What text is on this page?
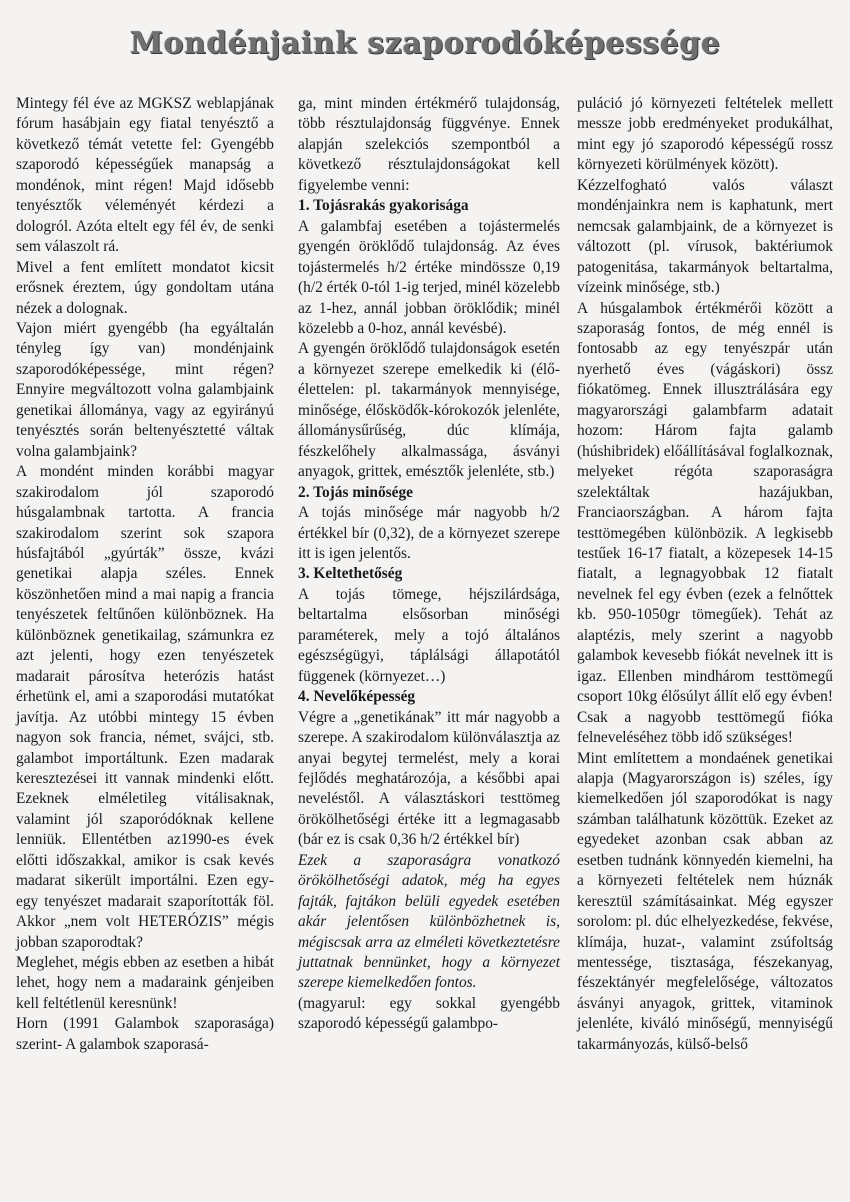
Mondénjaink szaporodóképessége

Mintegy fél éve az MGKSZ weblapjának fórum hasábjain egy fiatal tenyésztő a következő témát vetette fel: Gyengébb szaporodó képességűek manapság a mondénok, mint régen! Majd idősebb tenyésztők véleményét kérdezi a dologról. Azóta eltelt egy fél év, de senki sem válaszolt rá.

Mivel a fent említett mondatot kicsit erősnek éreztem, úgy gondoltam utána nézek a dolognak.

Vajon miért gyengébb (ha egyáltalán tényleg így van) mondénjaink szaporodóképessége, mint régen? Ennyire megváltozott volna galambjaink genetikai állománya, vagy az egyirányú tenyésztés során beltenyésztetté váltak volna galambjaink?

A mondént minden korábbi magyar szakirodalom jól szaporodó húsgalambnak tartotta. A francia szakirodalom szerint sok szapora húsfajtából „gyúrták” össze, kvázi genetikai alapja széles. Ennek köszönhetően mind a mai napig a francia tenyészetek feltűnően különböznek. Ha különböznek genetikailag, számunkra ez azt jelenti, hogy ezen tenyészetek madarait párosítva heterózis hatást érhetünk el, ami a szaporodási mutatókat javítja. Az utóbbi mintegy 15 évben nagyon sok francia, német, svájci, stb. galambot importáltunk. Ezen madarak keresztezései itt vannak mindenki előtt. Ezeknek elméletileg vitálisaknak, valamint jól szaporódóknak kellene lenniük. Ellentétben az1990-es évek előtti időszakkal, amikor is csak kevés madarat sikerült importálni. Ezen egy-egy tenyészet madarait szaporították föl. Akkor „nem volt HETERÓZIS” mégis jobban szaporodtak?

Meglehet, mégis ebben az esetben a hibát lehet, hogy nem a madaraink génjeiben kell feltétlenül keresnünk!

Horn (1991 Galambok szaporasága) szerint- A galambok szaporasá-

ga, mint minden értékmérő tulajdonság, több résztulajdonság függvénye. Ennek alapján szelekciós szempontból a következő résztulajdonságokat kell figyelembe venni:

1. Tojásrakás gyakorisága

A galambfaj esetében a tojástermelés gyengén öröklődő tulajdonság. Az éves tojástermelés h/2 értéke mindössze 0,19 (h/2 érték 0-tól 1-ig terjed, minél közelebb az 1-hez, annál jobban öröklődik; minél közelebb a 0-hoz, annál kevésbé).

A gyengén öröklődő tulajdonságok esetén a környezet szerepe emelkedik ki (élő-élettelen: pl. takarmányok mennyisége, minősége, élősködők-kórokozók jelenléte, állománysűrűség, dúc klímája, fészkelőhely alkalmassága, ásványi anyagok, grittek, emésztők jelenléte, stb.)

2. Tojás minősége

A tojás minősége már nagyobb h/2 értékkel bír (0,32), de a környezet szerepe itt is igen jelentős.

3. Keltethetőség

A tojás tömege, héjszilárdsága, beltartalma elsősorban minőségi paraméterek, mely a tojó általános egészségügyi, táplálsági állapotától függenek (környezet…)

4. Nevelőképesség

Végre a „genetikának” itt már nagyobb a szerepe. A szakirodalom különválasztja az anyai begytej termelést, mely a korai fejlődés meghatározója, a későbbi apai neveléstől. A választáskori testtömeg örökölhetőségi értéke itt a legmagasabb (bár ez is csak 0,36 h/2 értékkel bír)

Ezek a szaporaságra vonatkozó örökölhetőségi adatok, még ha egyes fajták, fajtákon belüli egyedek esetében akár jelentősen különbözhetnek is, mégiscsak arra az elméleti következtetésre juttatnak bennünket, hogy a környezet szerepe kiemelkedően fontos.

(magyarul: egy sokkal gyengébb szaporodó képességű galambpo-

puláció jó környezeti feltételek mellett messze jobb eredményeket produkálhat, mint egy jó szaporodó képességű rossz környezeti körülmények között).

Kézzelfogható valós választ mondénjainkra nem is kaphatunk, mert nemcsak galambjaink, de a környezet is változott (pl. vírusok, baktériumok patogenitása, takarmányok beltartalma, vízeink minősége, stb.)

A húsgalambok értékmérői között a szaporaság fontos, de még ennél is fontosabb az egy tenyészpár után nyerhető éves (vágáskori) össz fiókatömeg. Ennek illusztrálására egy magyarországi galambfarm adatait hozom: Három fajta galamb (húshibridek) előállításával foglalkoznak, melyeket régóta szaporaságra szelektáltak hazájukban, Franciaországban. A három fajta testtömegében különbözik. A legkisebb testűek 16-17 fiatalt, a közepesek 14-15 fiatalt, a legnagyobbak 12 fiatalt nevelnek fel egy évben (ezek a felnőttek kb. 950-1050gr tömegűek). Tehát az alaptézis, mely szerint a nagyobb galambok kevesebb fiókát nevelnek itt is igaz. Ellenben mindhárom testtömegű csoport 10kg élősúlyt állít elő egy évben! Csak a nagyobb testtömegű fióka felneveléséhez több idő szükséges!

Mint említettem a mondaének genetikai alapja (Magyarországon is) széles, így kiemelkedően jól szaporodókat is nagy számban találhatunk közöttük. Ezeket az egyedeket azonban csak abban az esetben tudnánk könnyedén kiemelni, ha a környezeti feltételek nem húznák keresztül számításainkat. Még egyszer sorolom: pl. dúc elhelyezkedése, fekvése, klímája, huzat-, valamint zsúfoltság mentessége, tisztasága, fészekanyag, fészektányér megfelelősége, változatos ásványi anyagok, grittek, vitaminok jelenléte, kiváló minőségű, mennyiségű takarmányozás, külső-belső
